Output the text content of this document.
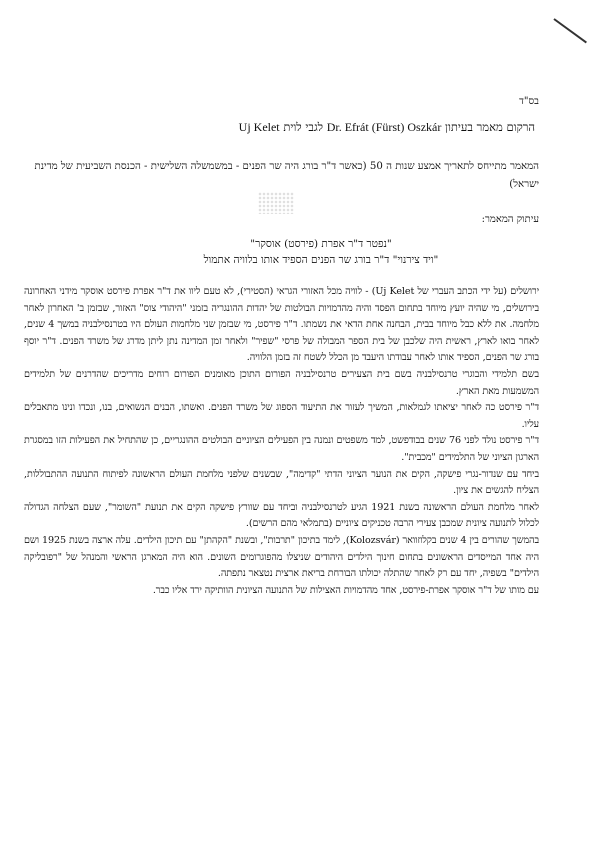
בס"ד
הרקום מאמר בעיתון Dr. Efrát (Fürst) Oszkár לגבי לוית Uj Kelet
המאמר מתייחס לתאריך אמצע שנות ה 50 (כאשר ד"ר בורג היה שר הפנים - במשמשלה השלישית - הכנסת השביעית של מדינת ישראל)
עיתוק המאמר:
"נפטר ד"ר אפרת (פירסט) אוסקר"
"ויד צירנוי" ד"ר בורג שר הפנים הספיד אותו בלוויה אתמול

ירושלים (על ידי הכתב העברי של Uj Kelet) - לוויה מכל האזורי הגראי (הסטירי), לא טעם ליוו את ד"ר אפרת פירסט אוסקר מידני האחרונה בירושלים, מי שהיה יועץ מיוחד בתחום הפסד והיה מהדמויות הבולטות של יהדות ההונגריה בזמני "היהודי צוס" האזור, שבזמן ב' האחרון לאחר מלחמה. את ללא כבל מיוחד בבית, הבחנה אחת הדאי את נשמתו. ד"ר פירסט, מי שבזמן שני מלחמות העולם היו בטרנסילבניה במשך 4 שנים, לאחר בואו לארץ, ראשית היה שלכבן של בית הספר המבולה של פרסי "שפיר" ולאחר זמן המדינה נתן ליתן מדרג של משרד הפנים. ד"ר יוסף בורג שר הפנים, הספיד אותו לאחר עבודתו היעבד מן הכלל לשטח זה בזמן הלוויה.

בשם תלמידי והבוגרי טרנסילבניה בשם בית הצעירים טרנסילבניה הפורום התוכן מאומנים הפורום רוחים מדריכים שהדרנים של תלמידים המשמעות מאת הארץ.

ד"ר פירסט כה לאחר יציאתו לגמלאות, המשיך לעזור את התיעוד הספוג של משרד הפנים. ואשתו, הבנים הנשואים, בנו, ונכדו ונינו מתאבלים עליו.

ד"ר פירסט נולד לפני 76 שנים בבודפשט, למד משפטים ונמנה בין הפעילים הציוניים הבולטים ההונגריים, כן שהתחיל את הפעילות הזו במסגרת הארגון הציוני של התלמידים "מכבית".

ביחד עם שנדור-נגרי פישקה, הקים את הנוער הציוני הדתי "קדימה", שבשנים שלפני מלחמת העולם הראשונה לפיתוח התנועה ההתבוללות, הצליח להגשים את ציון.

לאחר מלחמת העולם הראשונה בשנת 1921 הגיע לטרנסילבניה וביחד עם שוורץ פישקה הקים את תנועת "השומר", שעם הצלחה הגדולה לכלול לתנועה ציונית שמכבן צעירי הרבה טכניקים ציוניים (בתמלאי מהם הרשים).

בהמשך שהורים בין 4 שנים בקלוזוואר (Kolozsvár), לימד בתיכון "תרבות", ובשנת "הקהתן" עם תיכון הילדים. עלה ארצה בשנת 1925 ושם היה אחד המייסדים הראשונים בתחום חינוך הילדים היהודים שניצלו מהפוגרומים השונים. הוא היה המארגן הראשי והמנהל של "רפובליקה הילדים" בשפיה, יחד עם רק לאחר שהתלה יכולתו הבורחת בריאת ארצית נטצאר נתפתה.

עם מותו של ד"ר אוסקר אפרת-פירסט, אחד מהדמויות האצילות של התנועה הציונית הוותיקה ירד אליו כבר.
